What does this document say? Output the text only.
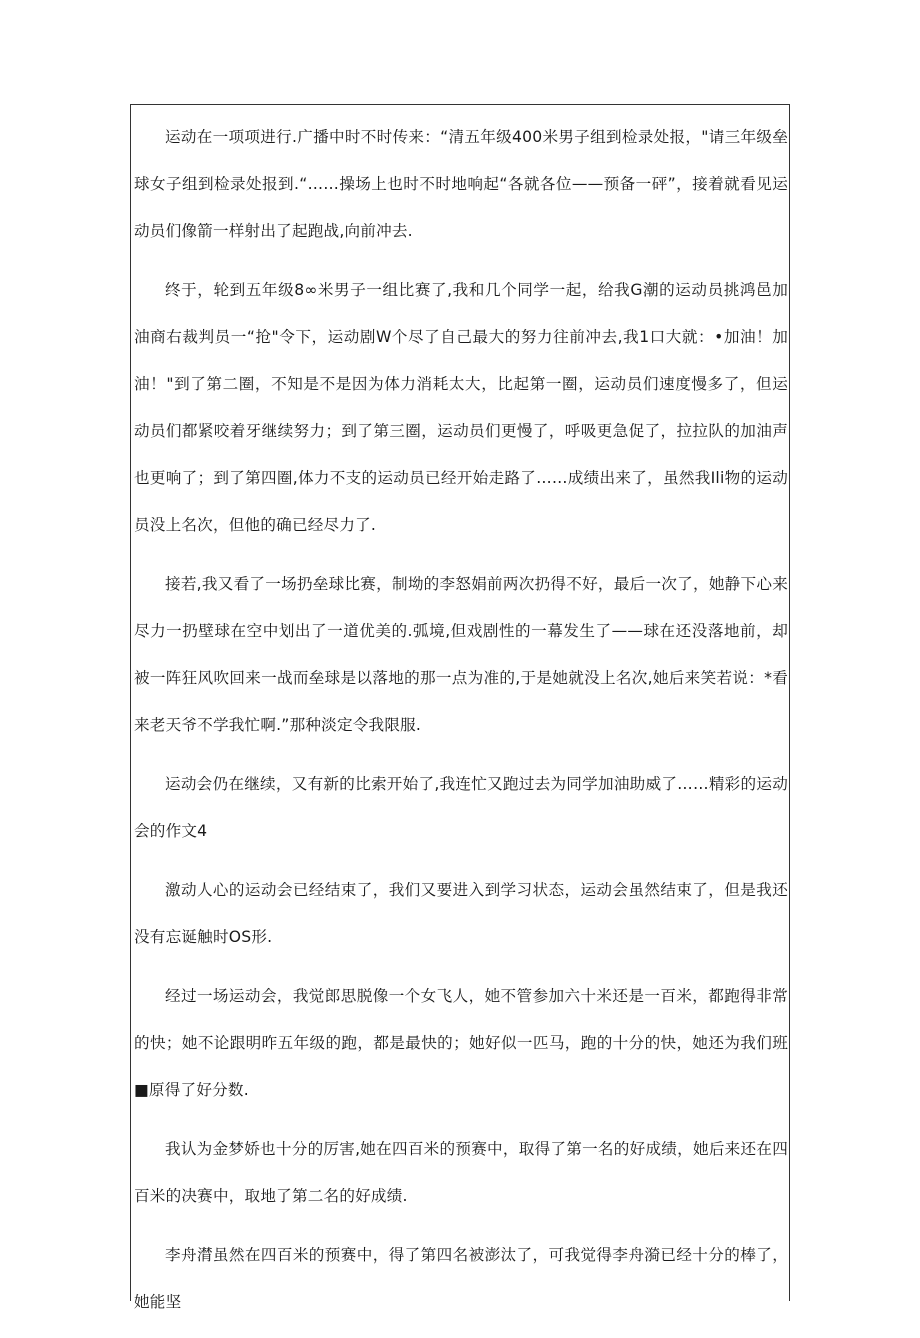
运动在一项项进行.广播中时不时传来：“清五年级400米男子组到检录处报，"请三年级垒球女子组到检录处报到.“……操场上也时不时地响起“各就各位——预备一砰”，接着就看见运动员们像箭一样射出了起跑战,向前冲去.

终于，轮到五年级8∞米男子一组比赛了,我和几个同学一起，给我G潮的运动员挑鸿邑加油商右裁判员一“抢"令下，运动剧W个尽了自己最大的努力往前冲去,我1口大就：•加油！加油！"到了第二圈，不知是不是因为体力消耗太大，比起第一圈，运动员们速度慢多了，但运动员们都紧咬着牙继续努力；到了第三圈，运动员们更慢了，呼吸更急促了，拉拉队的加油声也更响了；到了第四圈,体力不支的运动员已经开始走路了……成绩出来了，虽然我Ili物的运动员没上名次，但他的确已经尽力了.

接若,我又看了一场扔垒球比赛，制坳的李怒娟前两次扔得不好，最后一次了，她静下心来尽力一扔壁球在空中划出了一道优美的.弧境,但戏剧性的一幕发生了——球在还没落地前，却被一阵狂风吹回来一战而垒球是以落地的那一点为准的,于是她就没上名次,她后来笑若说：*看来老天爷不学我忙啊.”那种淡定令我限服.

运动会仍在继续，又有新的比索开始了,我连忙又跑过去为同学加油助威了……精彩的运动会的作文4

激动人心的运动会已经结束了，我们又要进入到学习状态，运动会虽然结束了，但是我还没有忘诞触时OS形.

经过一场运动会，我觉郎思脱像一个女飞人，她不管参加六十米还是一百米，都跑得非常的快；她不论跟明昨五年级的跑，都是最快的；她好似一匹马，跑的十分的快，她还为我们班■原得了好分数.

我认为金梦娇也十分的厉害,她在四百米的预赛中，取得了第一名的好成绩，她后来还在四百米的决赛中，取地了第二名的好成绩.

李舟潸虽然在四百米的预赛中，得了第四名被澎汰了，可我觉得李舟漪已经十分的棒了，她能坚
